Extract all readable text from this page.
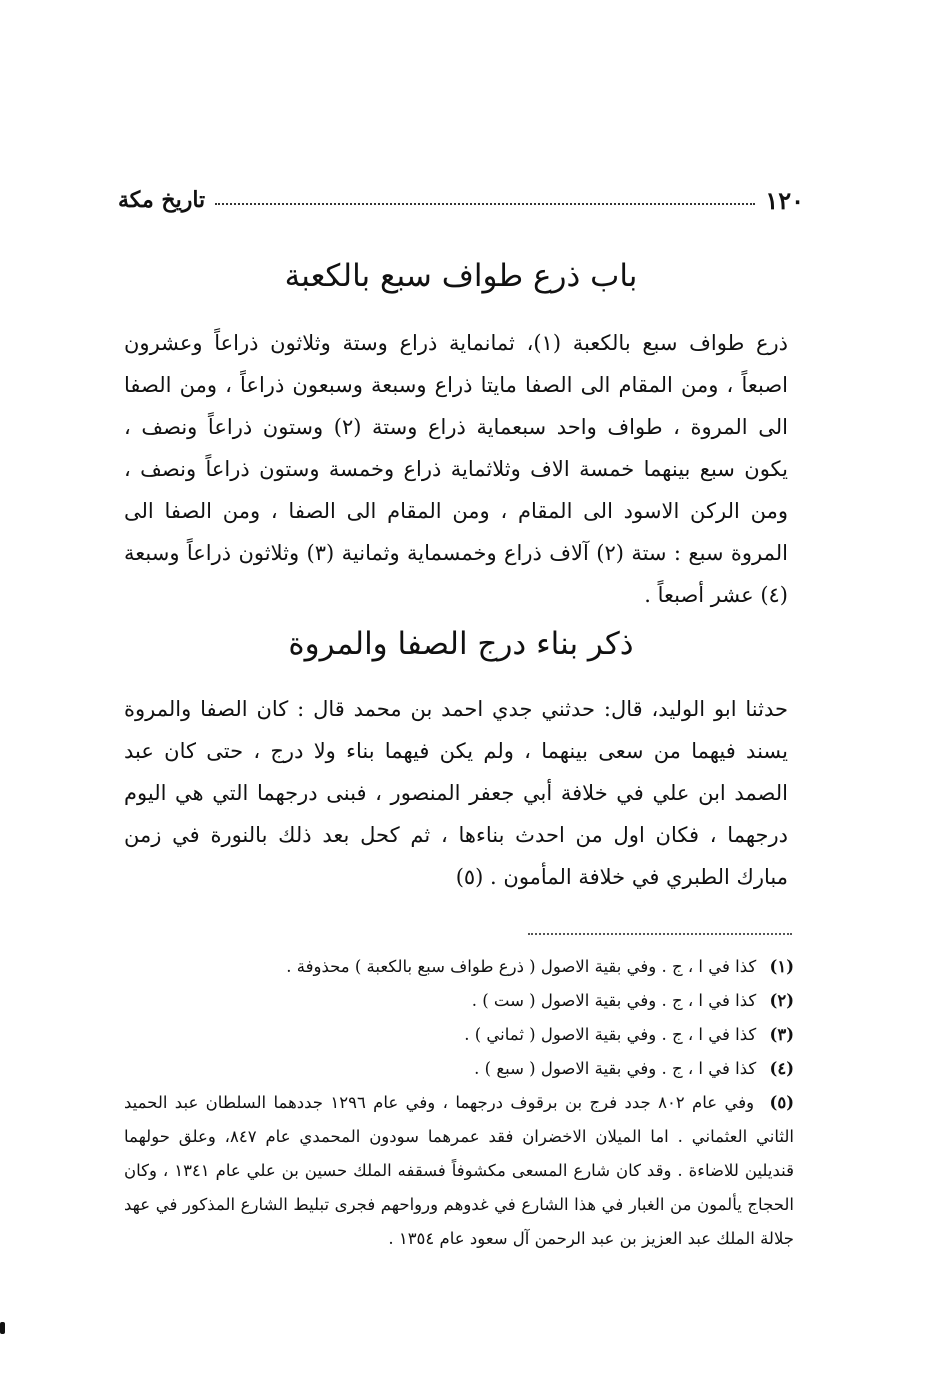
١٢٠
تاريخ مكة
باب ذرع طواف سبع بالكعبة

ذرع طواف سبع بالكعبة (١)، ثمانماية ذراع وستة وثلاثون ذراعاً وعشرون اصبعاً ، ومن المقام الى الصفا مايتا ذراع وسبعة وسبعون ذراعاً ، ومن الصفا الى المروة ، طواف واحد سبعماية ذراع وستة (٢) وستون ذراعاً ونصف ، يكون سبع بينهما خمسة الاف وثلاثماية ذراع وخمسة وستون ذراعاً ونصف ، ومن الركن الاسود الى المقام ، ومن المقام الى الصفا ، ومن الصفا الى المروة سبع : ستة (٢) آلاف ذراع وخمسماية وثمانية (٣) وثلاثون ذراعاً وسبعة (٤) عشر أصبعاً .

ذكر بناء درج الصفا والمروة

حدثنا ابو الوليد، قال: حدثني جدي احمد بن محمد قال : كان الصفا والمروة يسند فيهما من سعى بينهما ، ولم يكن فيهما بناء ولا درج ، حتى كان عبد الصمد ابن علي في خلافة أبي جعفر المنصور ، فبنى درجهما التي هي اليوم درجهما ، فكان اول من احدث بناءها ، ثم كحل بعد ذلك بالنورة في زمن مبارك الطبري في خلافة المأمون . (٥)

(١) كذا في ا ، ج . وفي بقية الاصول ( ذرع طواف سبع بالكعبة ) محذوفة .
(٢) كذا في ا ، ج . وفي بقية الاصول ( ست ) .
(٣) كذا في ا ، ج . وفي بقية الاصول ( ثماني ) .
(٤) كذا في ا ، ج . وفي بقية الاصول ( سبع ) .
(٥) وفي عام ٨٠٢ جدد فرج بن برقوف درجهما ، وفي عام ١٢٩٦ جددهما السلطان عبد الحميد الثاني العثماني . اما الميلان الاخضران فقد عمرهما سودون المحمدي عام ٨٤٧، وعلق حولهما قنديلين للاضاءة . وقد كان شارع المسعى مكشوفاً فسقفه الملك حسين بن علي عام ١٣٤١ ، وكان الحجاج يألمون من الغبار في هذا الشارع في غدوهم ورواحهم فجرى تبليط الشارع المذكور في عهد جلالة الملك عبد العزيز بن عبد الرحمن آل سعود عام ١٣٥٤ .
